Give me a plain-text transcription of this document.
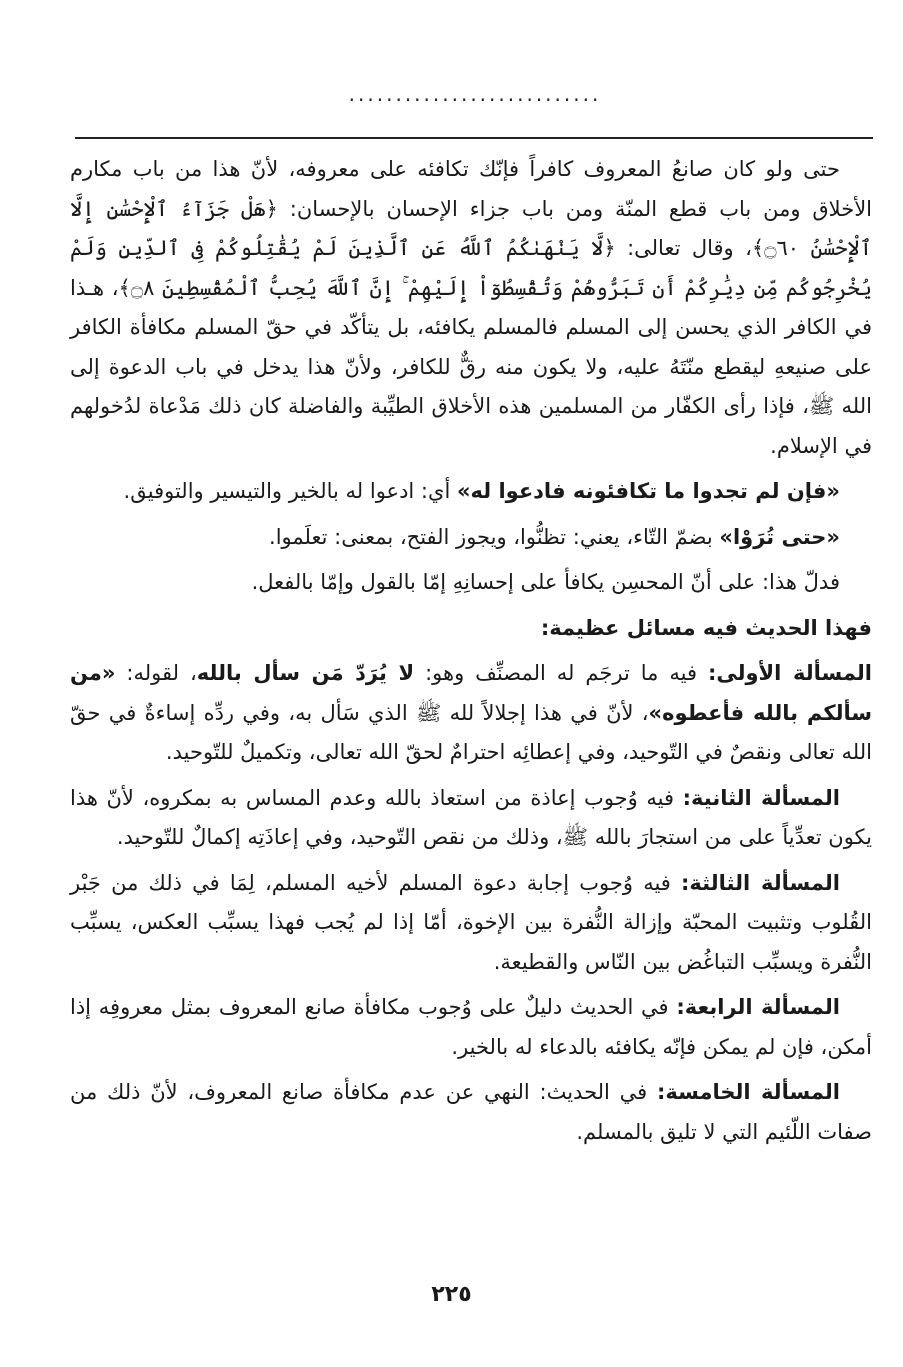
...........................

حتى ولو كان صانعُ المعروف كافراً فإنّك تكافئه على معروفه، لأنّ هذا من باب مكارم الأخلاق ومن باب قطع المنّة ومن باب جزاء الإحسان بالإحسان: ﴿هَلْ جَزَآءُ ٱلْإِحْسَٰنِ إِلَّا ٱلْإِحْسَٰنُ ۝٦٠﴾، وقال تعالى: ﴿لَّا يَنْهَىٰكُمُ ٱللَّهُ عَنِ ٱلَّذِينَ لَمْ يُقَٰتِلُوكُمْ فِى ٱلدِّينِ وَلَمْ يُخْرِجُوكُم مِّن دِيَٰرِكُمْ أَن تَبَرُّوهُمْ وَتُقْسِطُوٓاْ إِلَيْهِمْ ۚ إِنَّ ٱللَّهَ يُحِبُّ ٱلْمُقْسِطِينَ ۝٨﴾، هـذا في الكافر الذي يحسن إلى المسلم فالمسلم يكافئه، بل يتأكّد في حقّ المسلم مكافأة الكافر على صنيعهِ ليقطع منّتَهُ عليه، ولا يكون منه رقٌّ للكافر، ولأنّ هذا يدخل في باب الدعوة إلى الله ﷺ، فإذا رأى الكفّار من المسلمين هذه الأخلاق الطيِّبة والفاضلة كان ذلك مَدْعاة لدُخولهم في الإسلام.

«فإن لم تجدوا ما تكافئونه فادعوا له» أي: ادعوا له بالخير والتيسير والتوفيق.

«حتى تُرَوْا» بضمّ التّاء، يعني: تظنُّوا، ويجوز الفتح، بمعنى: تعلَموا.

فدلّ هذا: على أنّ المحسِن يكافأ على إحسانِهِ إمّا بالقول وإمّا بالفعل.

فهذا الحديث فيه مسائل عظيمة:

المسألة الأولى: فيه ما ترجَم له المصنِّف وهو: لا يُرَدّ مَن سأل بالله، لقوله: «من سألكم بالله فأعطوه»، لأنّ في هذا إجلالاً لله ﷺ الذي سَأل به، وفي ردِّه إساءةٌ في حقّ الله تعالى ونقصٌ في التّوحيد، وفي إعطائِه احترامٌ لحقّ الله تعالى، وتكميلٌ للتّوحيد.

المسألة الثانية: فيه وُجوب إعاذة من استعاذ بالله وعدم المساس به بمكروه، لأنّ هذا يكون تعدِّياً على من استجارَ بالله ﷺ، وذلك من نقص التّوحيد، وفي إعاذَتِه إكمالٌ للتّوحيد.

المسألة الثالثة: فيه وُجوب إجابة دعوة المسلم لأخيه المسلم، لِمَا في ذلك من جَبْر القُلوب وتثبيت المحبّة وإزالة النُّفرة بين الإخوة، أمّا إذا لم يُجب فهذا يسبِّب العكس، يسبِّب النُّفرة ويسبِّب التباغُض بين النّاس والقطيعة.

المسألة الرابعة: في الحديث دليلٌ على وُجوب مكافأة صانع المعروف بمثل معروفِه إذا أمكن، فإن لم يمكن فإنّه يكافئه بالدعاء له بالخير.

المسألة الخامسة: في الحديث: النهي عن عدم مكافأة صانع المعروف، لأنّ ذلك من صفات اللّئيم التي لا تليق بالمسلم.

٢٢٥
